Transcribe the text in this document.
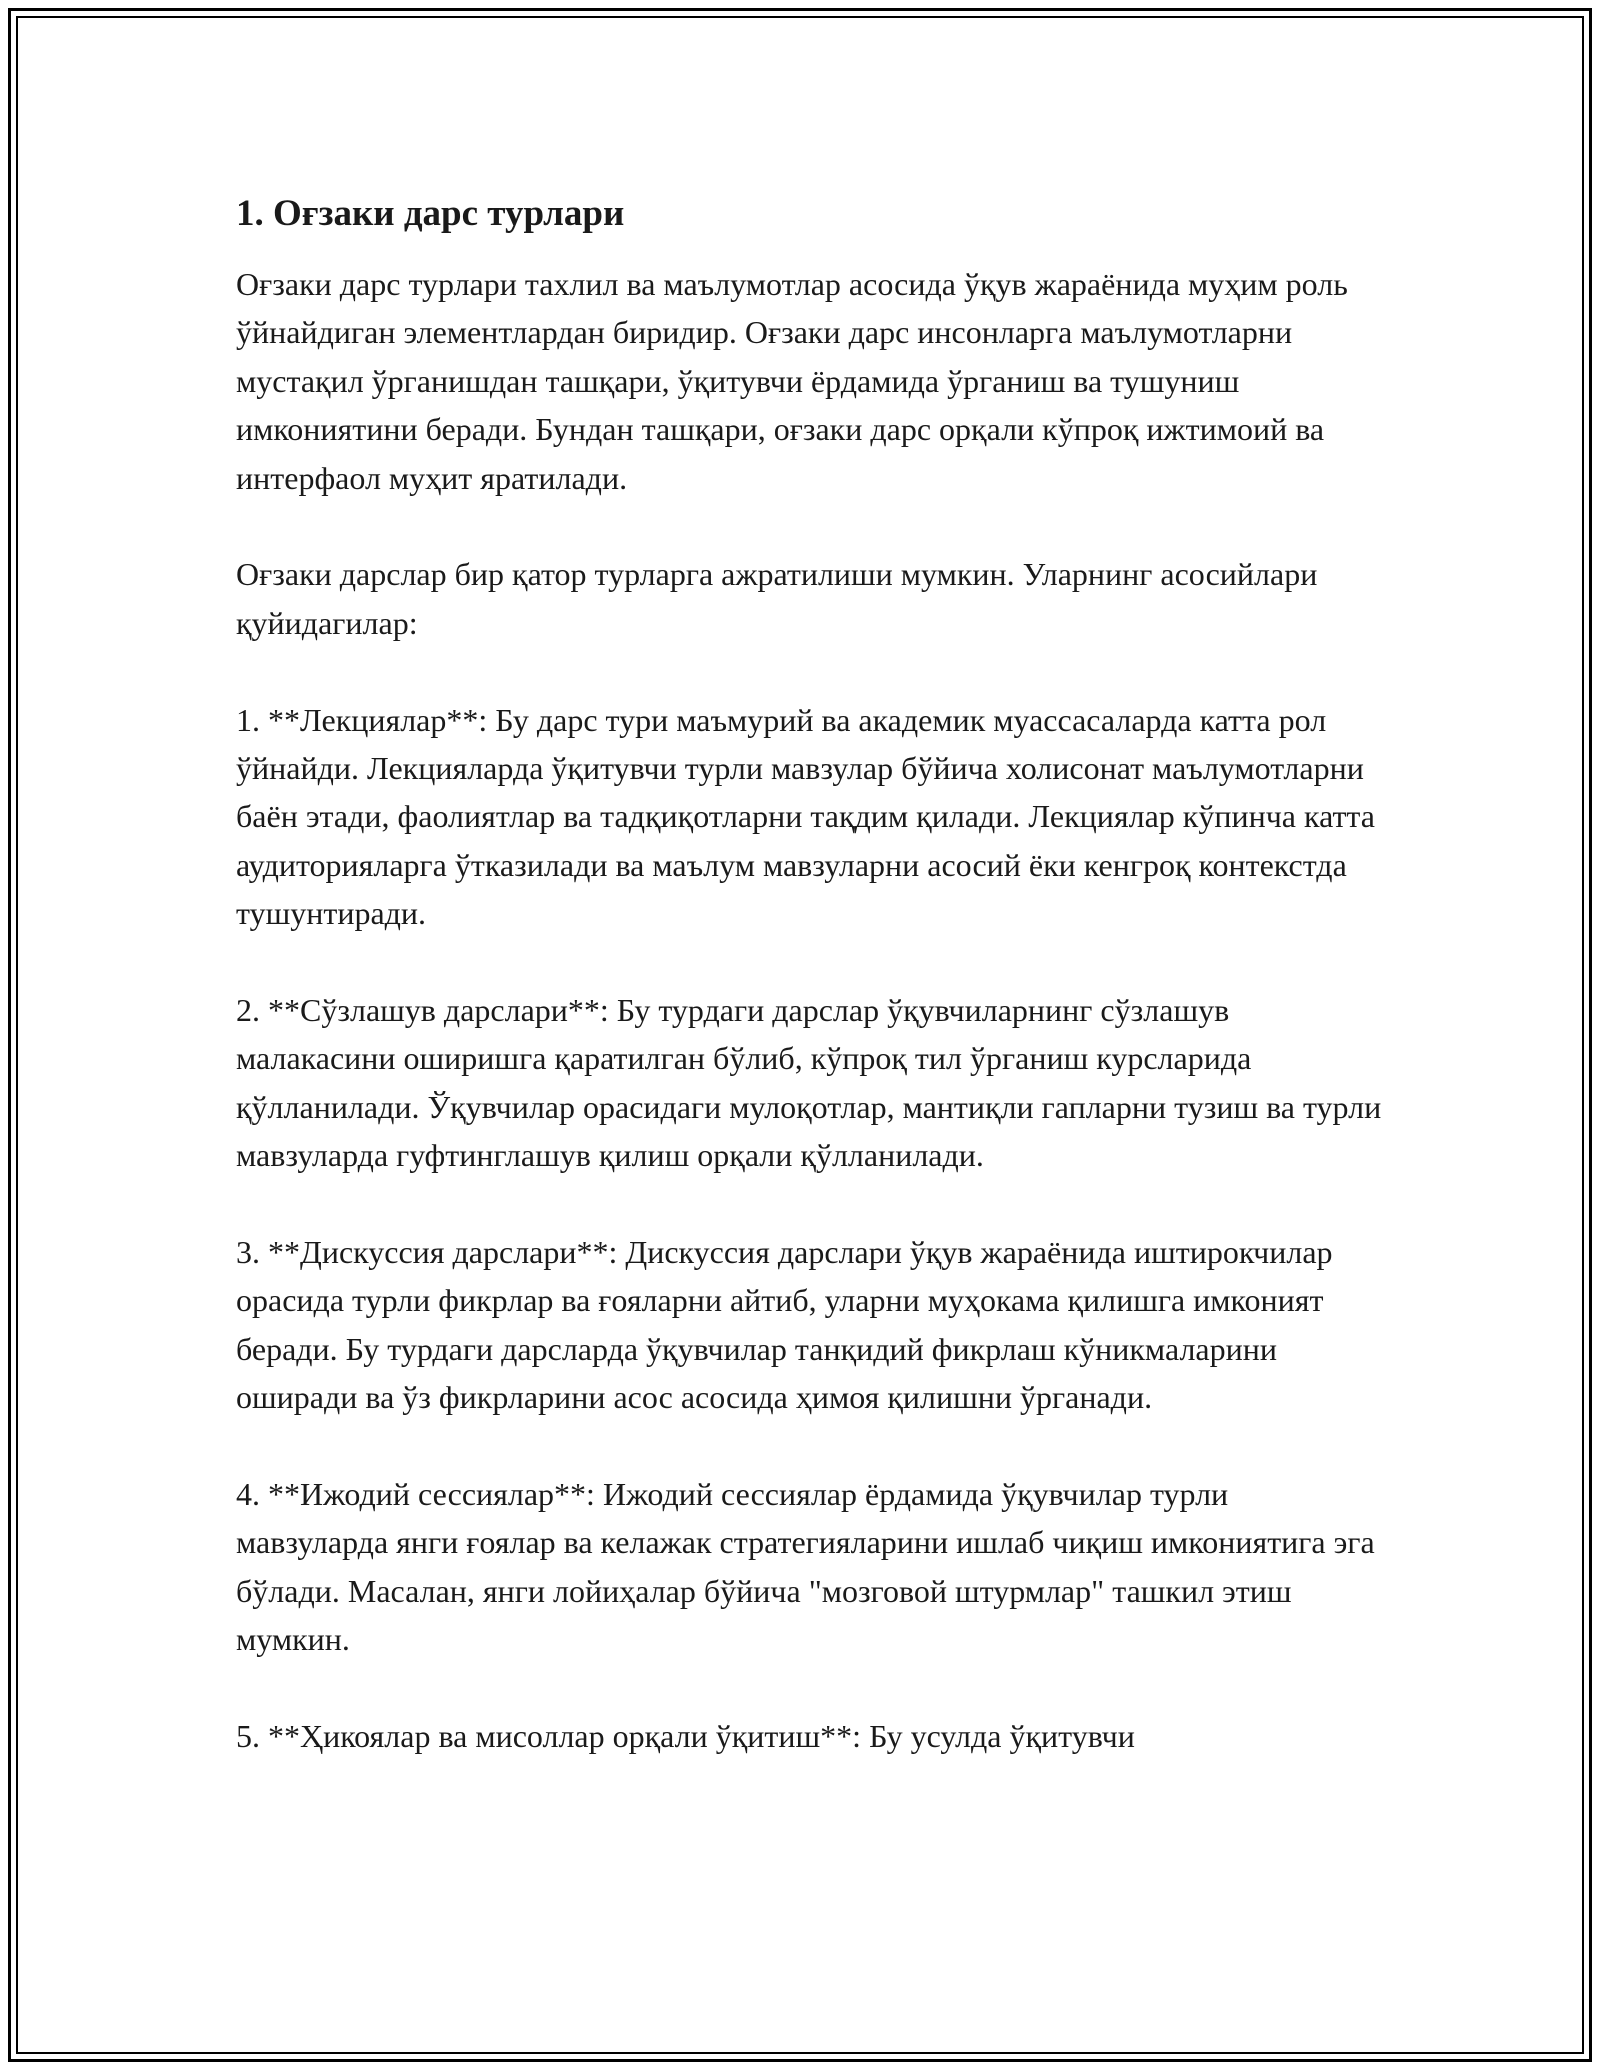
1. Оғзаки дарс турлари

Оғзаки дарс турлари тахлил ва маълумотлар асосида ўқув жараёнида муҳим роль ўйнайдиган элементлардан биридир. Оғзаки дарс инсонларга маълумотларни мустақил ўрганишдан ташқари, ўқитувчи ёрдамида ўрганиш ва тушуниш имкониятини беради. Бундан ташқари, оғзаки дарс орқали кўпроқ ижтимоий ва интерфаол муҳит яратилади.

Оғзаки дарслар бир қатор турларга ажратилиши мумкин. Уларнинг асосийлари қуйидагилар:

1. **Лекциялар**: Бу дарс тури маъмурий ва академик муассасаларда катта рол ўйнайди. Лекцияларда ўқитувчи турли мавзулар бўйича холисонат маълумотларни баён этади, фаолиятлар ва тадқиқотларни тақдим қилади. Лекциялар кўпинча катта аудиторияларга ўтказилади ва маълум мавзуларни асосий ёки кенгроқ контекстда тушунтиради.

2. **Сўзлашув дарслари**: Бу турдаги дарслар ўқувчиларнинг сўзлашув малакасини оширишга қаратилган бўлиб, кўпроқ тил ўрганиш курсларида қўлланилади. Ўқувчилар орасидаги мулоқотлар, мантиқли гапларни тузиш ва турли мавзуларда гуфтинглашув қилиш орқали қўлланилади.

3. **Дискуссия дарслари**: Дискуссия дарслари ўқув жараёнида иштирокчилар орасида турли фикрлар ва ғояларни айтиб, уларни муҳокама қилишга имконият беради. Бу турдаги дарсларда ўқувчилар танқидий фикрлаш кўникмаларини оширади ва ўз фикрларини асос асосида ҳимоя қилишни ўрганади.

4. **Ижодий сессиялар**: Ижодий сессиялар ёрдамида ўқувчилар турли мавзуларда янги ғоялар ва келажак стратегияларини ишлаб чиқиш имкониятига эга бўлади. Масалан, янги лойиҳалар бўйича "мозговой штурмлар" ташкил этиш мумкин.

5. **Ҳикоялар ва мисоллар орқали ўқитиш**: Бу усулда ўқитувчи
